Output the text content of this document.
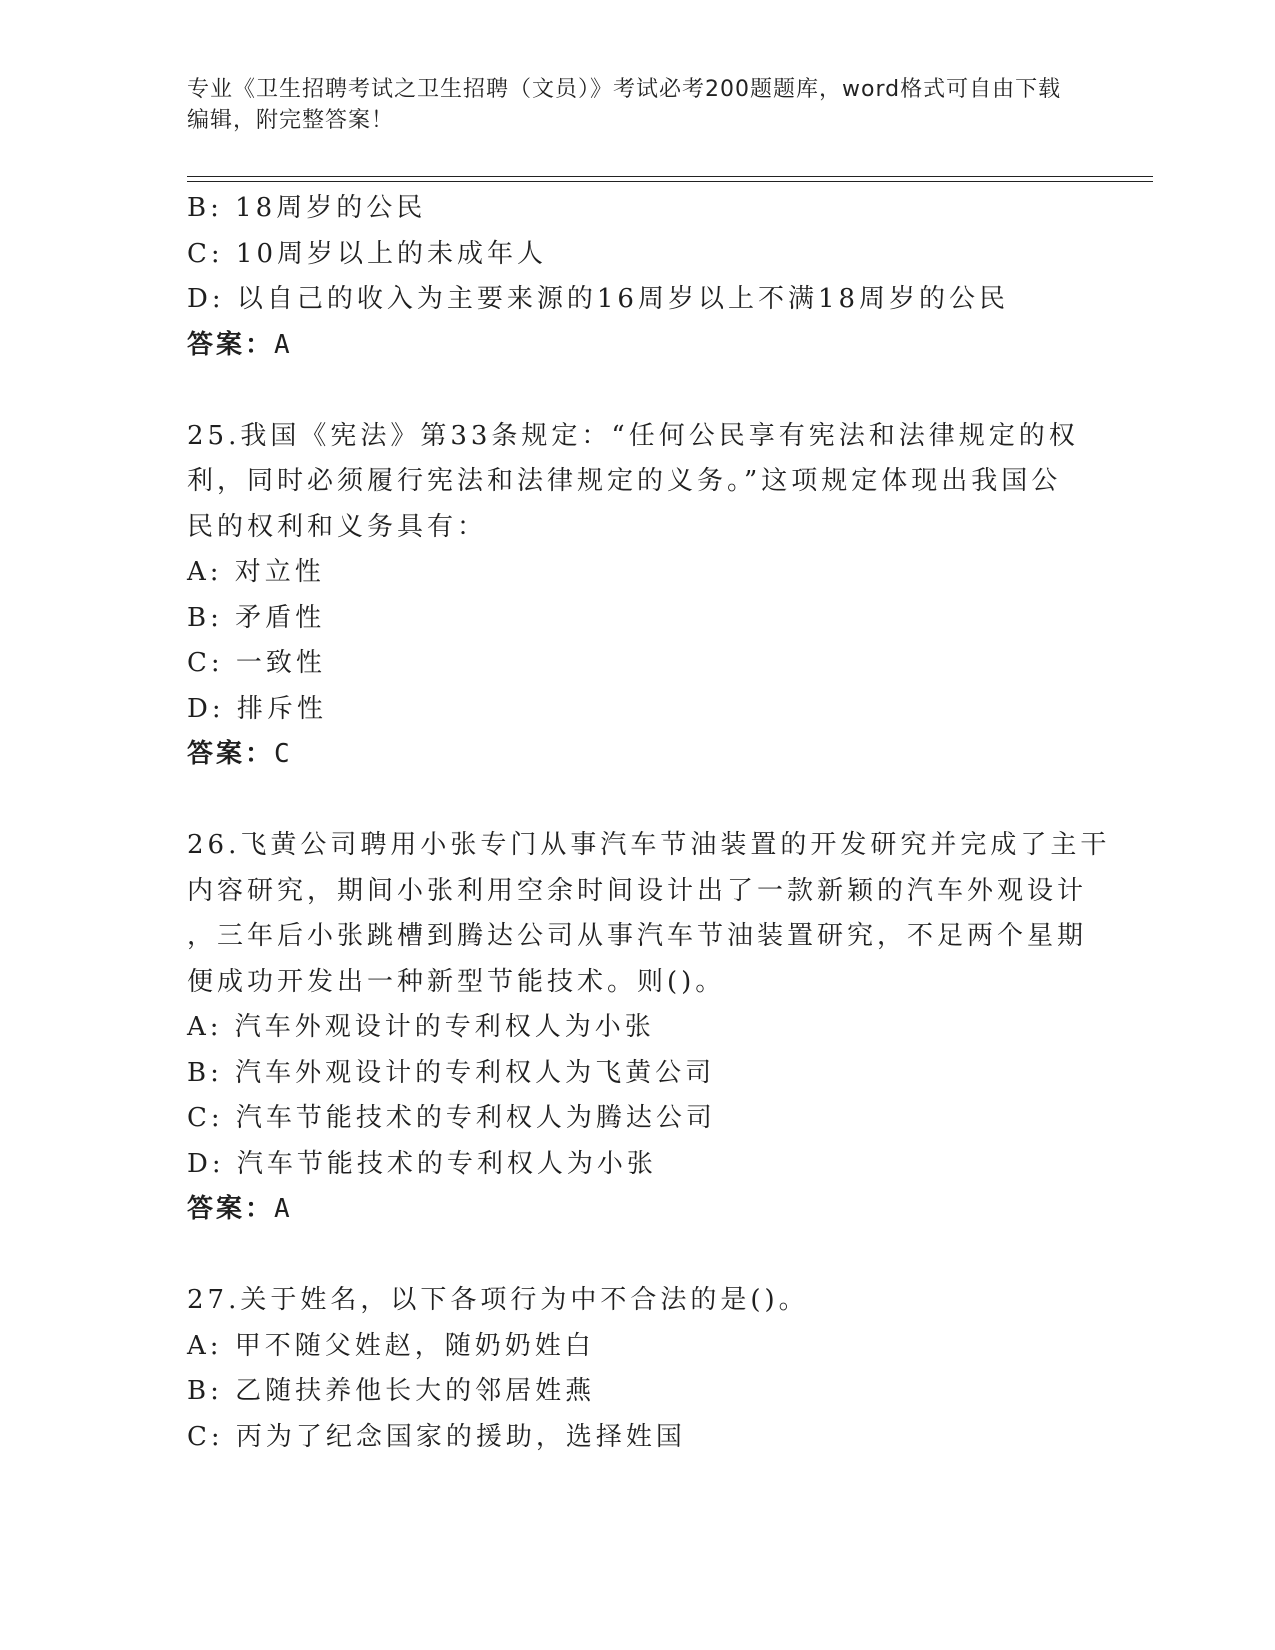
专业《卫生招聘考试之卫生招聘（文员）》考试必考200题题库，word格式可自由下载编辑，附完整答案！
B: 18周岁的公民
C: 10周岁以上的未成年人
D: 以自己的收入为主要来源的16周岁以上不满18周岁的公民
答案：A
25.我国《宪法》第33条规定：“任何公民享有宪法和法律规定的权
利，同时必须履行宪法和法律规定的义务。”这项规定体现出我国公
民的权利和义务具有：
A: 对立性
B: 矛盾性
C: 一致性
D: 排斥性
答案：C
26.飞黄公司聘用小张专门从事汽车节油装置的开发研究并完成了主干
内容研究，期间小张利用空余时间设计出了一款新颖的汽车外观设计
，三年后小张跳槽到腾达公司从事汽车节油装置研究，不足两个星期
便成功开发出一种新型节能技术。则()。
A: 汽车外观设计的专利权人为小张
B: 汽车外观设计的专利权人为飞黄公司
C: 汽车节能技术的专利权人为腾达公司
D: 汽车节能技术的专利权人为小张
答案：A
27.关于姓名，以下各项行为中不合法的是()。
A: 甲不随父姓赵，随奶奶姓白
B: 乙随扶养他长大的邻居姓燕
C: 丙为了纪念国家的援助，选择姓国
